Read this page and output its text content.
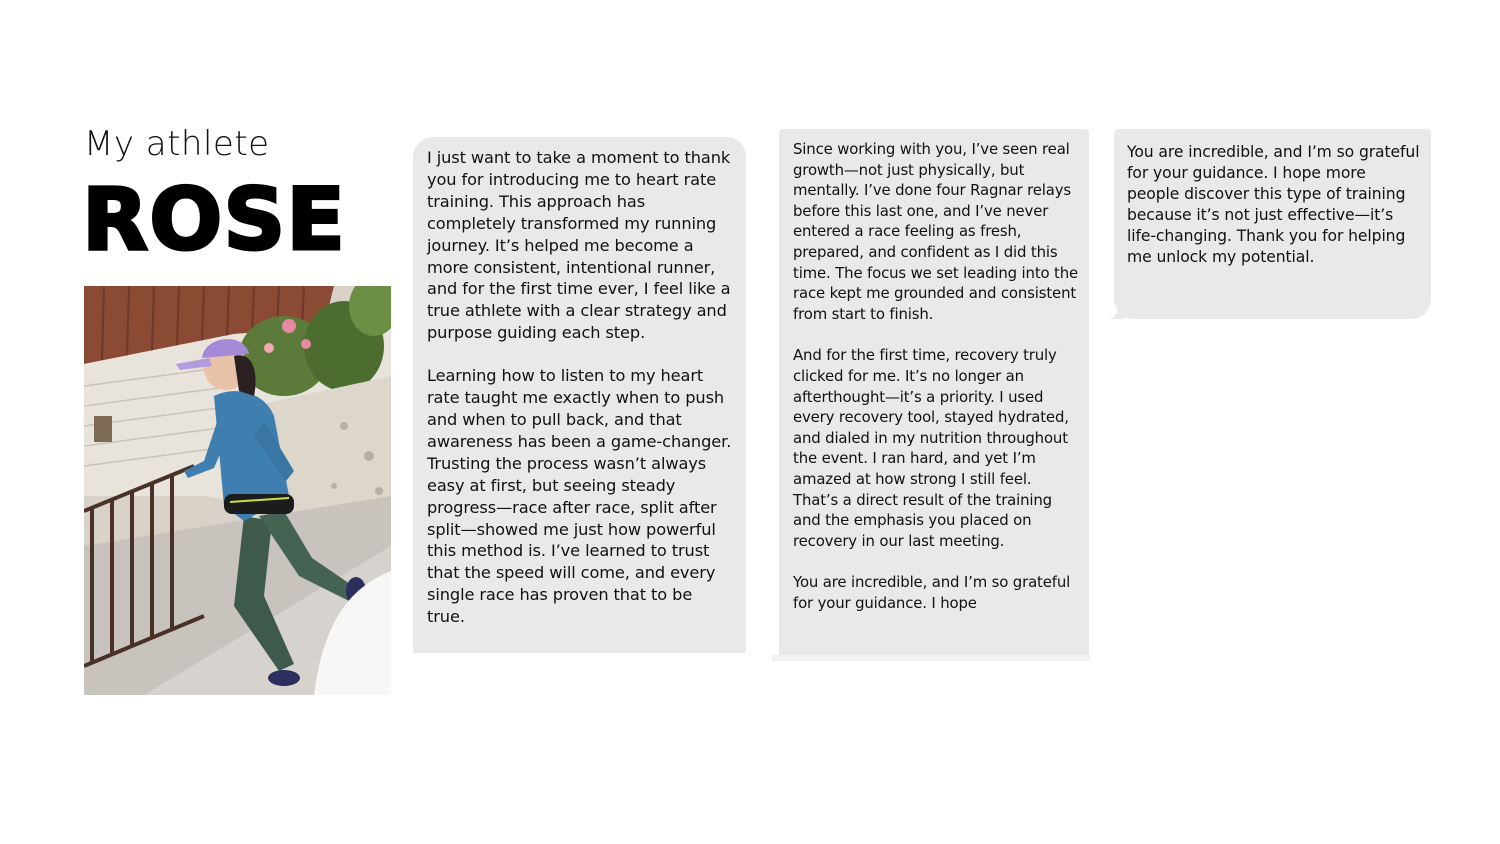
My athlete
ROSE

I just want to take a moment to thank you for introducing me to heart rate training. This approach has completely transformed my running journey. It’s helped me become a more consistent, intentional runner, and for the first time ever, I feel like a true athlete with a clear strategy and purpose guiding each step.

Learning how to listen to my heart rate taught me exactly when to push and when to pull back, and that awareness has been a game-changer. Trusting the process wasn’t always easy at first, but seeing steady progress—race after race, split after split—showed me just how powerful this method is. I’ve learned to trust that the speed will come, and every single race has proven that to be true.

Since working with you, I’ve seen real growth—not just physically, but mentally. I’ve done four Ragnar relays before this last one, and I’ve never entered a race feeling as fresh, prepared, and confident as I did this time. The focus we set leading into the race kept me grounded and consistent from start to finish.

And for the first time, recovery truly clicked for me. It’s no longer an afterthought—it’s a priority. I used every recovery tool, stayed hydrated, and dialed in my nutrition throughout the event. I ran hard, and yet I’m amazed at how strong I still feel. That’s a direct result of the training and the emphasis you placed on recovery in our last meeting.

You are incredible, and I’m so grateful for your guidance. I hope

You are incredible, and I’m so grateful for your guidance. I hope more people discover this type of training because it’s not just effective—it’s life-changing. Thank you for helping me unlock my potential.
